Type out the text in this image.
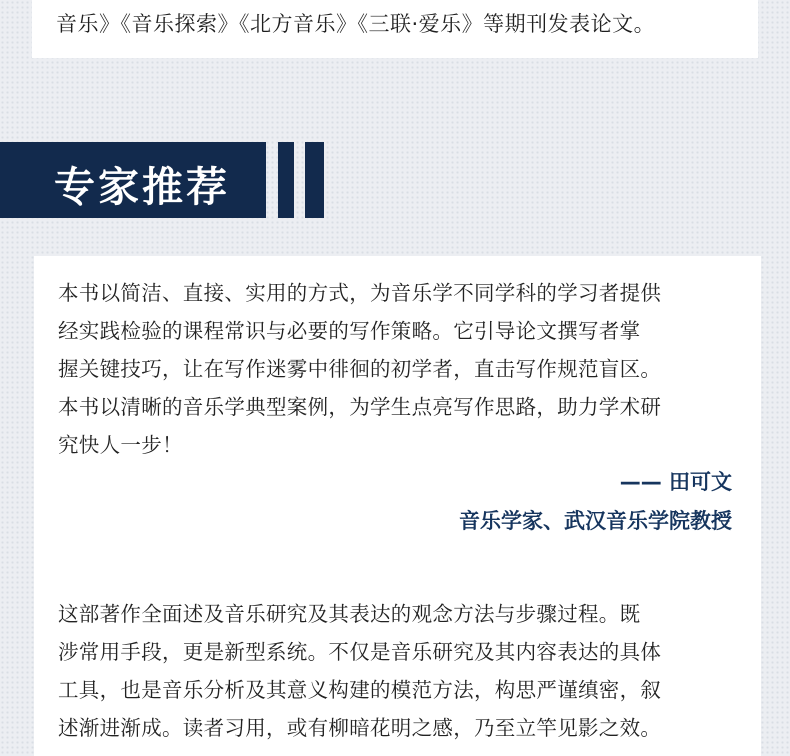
音乐》《音乐探索》《北方音乐》《三联·爱乐》等期刊发表论文。

专家推荐

本书以简洁、直接、实用的方式，为音乐学不同学科的学习者提供
经实践检验的课程常识与必要的写作策略。它引导论文撰写者掌
握关键技巧，让在写作迷雾中徘徊的初学者，直击写作规范盲区。
本书以清晰的音乐学典型案例，为学生点亮写作思路，助力学术研
究快人一步！

—— 田可文

音乐学家、武汉音乐学院教授

这部著作全面述及音乐研究及其表达的观念方法与步骤过程。既
涉常用手段，更是新型系统。不仅是音乐研究及其内容表达的具体
工具，也是音乐分析及其意义构建的模范方法，构思严谨缜密，叙
述渐进渐成。读者习用，或有柳暗花明之感，乃至立竿见影之效。
